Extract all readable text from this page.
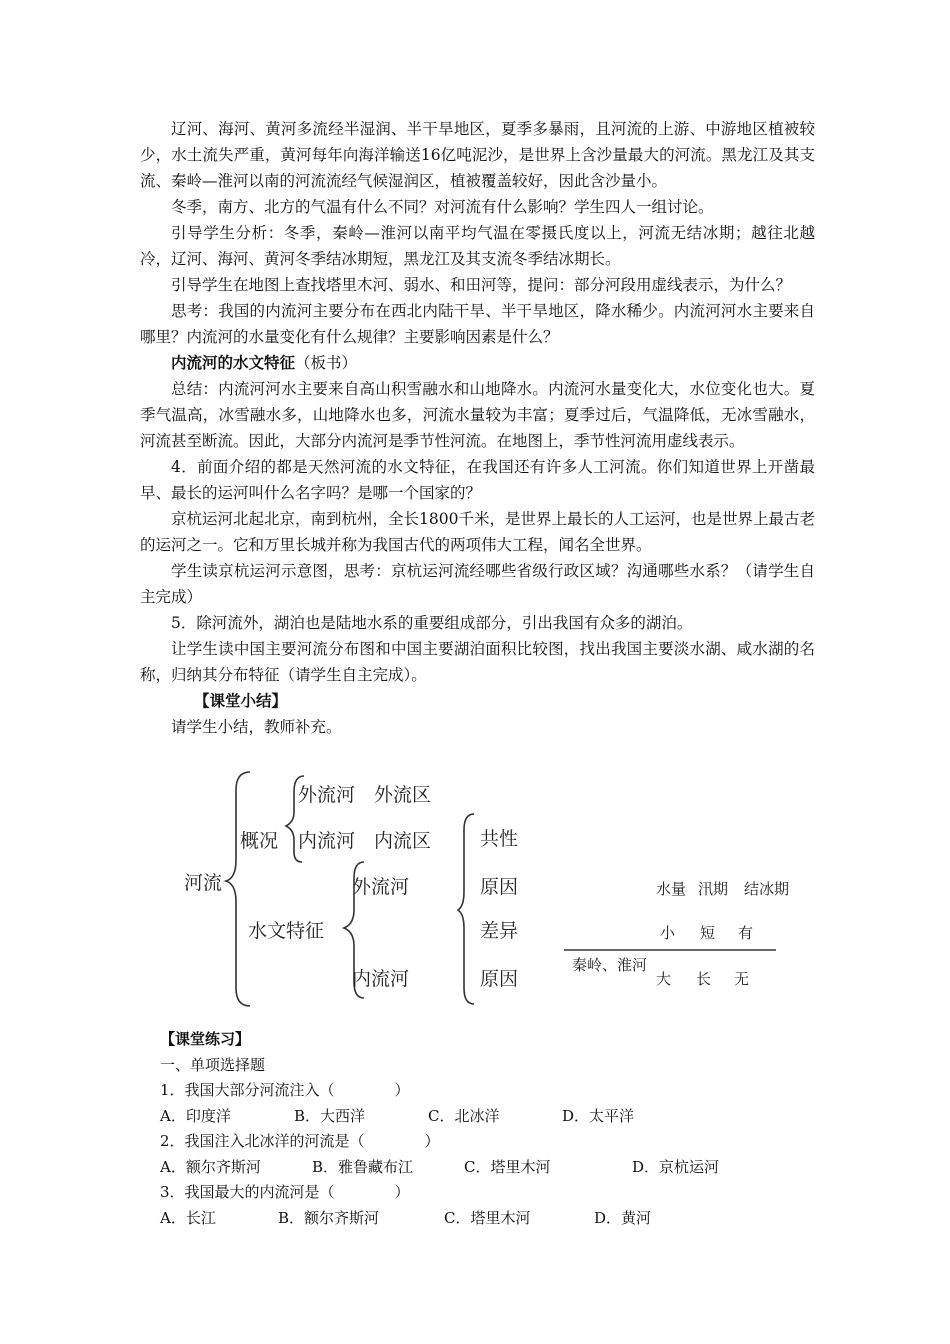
辽河、海河、黄河多流经半湿润、半干旱地区，夏季多暴雨，且河流的上游、中游地区植被较少，水土流失严重，黄河每年向海洋输送16亿吨泥沙，是世界上含沙量最大的河流。黑龙江及其支流、秦岭—淮河以南的河流流经气候湿润区，植被覆盖较好，因此含沙量小。

冬季，南方、北方的气温有什么不同？对河流有什么影响？学生四人一组讨论。

引导学生分析：冬季，秦岭—淮河以南平均气温在零摄氏度以上，河流无结冰期；越往北越冷，辽河、海河、黄河冬季结冰期短，黑龙江及其支流冬季结冰期长。

引导学生在地图上查找塔里木河、弱水、和田河等，提问：部分河段用虚线表示，为什么？

思考：我国的内流河主要分布在西北内陆干旱、半干旱地区，降水稀少。内流河河水主要来自哪里？内流河的水量变化有什么规律？主要影响因素是什么？

内流河的水文特征（板书）

总结：内流河河水主要来自高山积雪融水和山地降水。内流河水量变化大，水位变化也大。夏季气温高，冰雪融水多，山地降水也多，河流水量较为丰富；夏季过后，气温降低，无冰雪融水，河流甚至断流。因此，大部分内流河是季节性河流。在地图上，季节性河流用虚线表示。

4．前面介绍的都是天然河流的水文特征，在我国还有许多人工河流。你们知道世界上开凿最早、最长的运河叫什么名字吗？是哪一个国家的？

京杭运河北起北京，南到杭州，全长1800千米，是世界上最长的人工运河，也是世界上最古老的运河之一。它和万里长城并称为我国古代的两项伟大工程，闻名全世界。

学生读京杭运河示意图，思考：京杭运河流经哪些省级行政区域？沟通哪些水系？（请学生自主完成）

5．除河流外，湖泊也是陆地水系的重要组成部分，引出我国有众多的湖泊。

让学生读中国主要河流分布图和中国主要湖泊面积比较图，找出我国主要淡水湖、咸水湖的名称，归纳其分布特征（请学生自主完成）。

【课堂小结】

请学生小结，教师补充。

河流
概况
外流河 外流区
内流河 内流区
水文特征
外流河
内流河
共性
原因
差异
原因
水量 汛期 结冰期
小 短 有
秦岭、淮河
大 长 无
【课堂练习】
一、单项选择题
1．我国大部分河流注入（　　　　）
A．印度洋	B．大西洋	C．北冰洋	D．太平洋
2．我国注入北冰洋的河流是（　　　　）
A．额尔齐斯河	B．雅鲁藏布江	C．塔里木河	D．京杭运河
3．我国最大的内流河是（　　　　）
A．长江	B．额尔齐斯河	C．塔里木河	D．黄河
